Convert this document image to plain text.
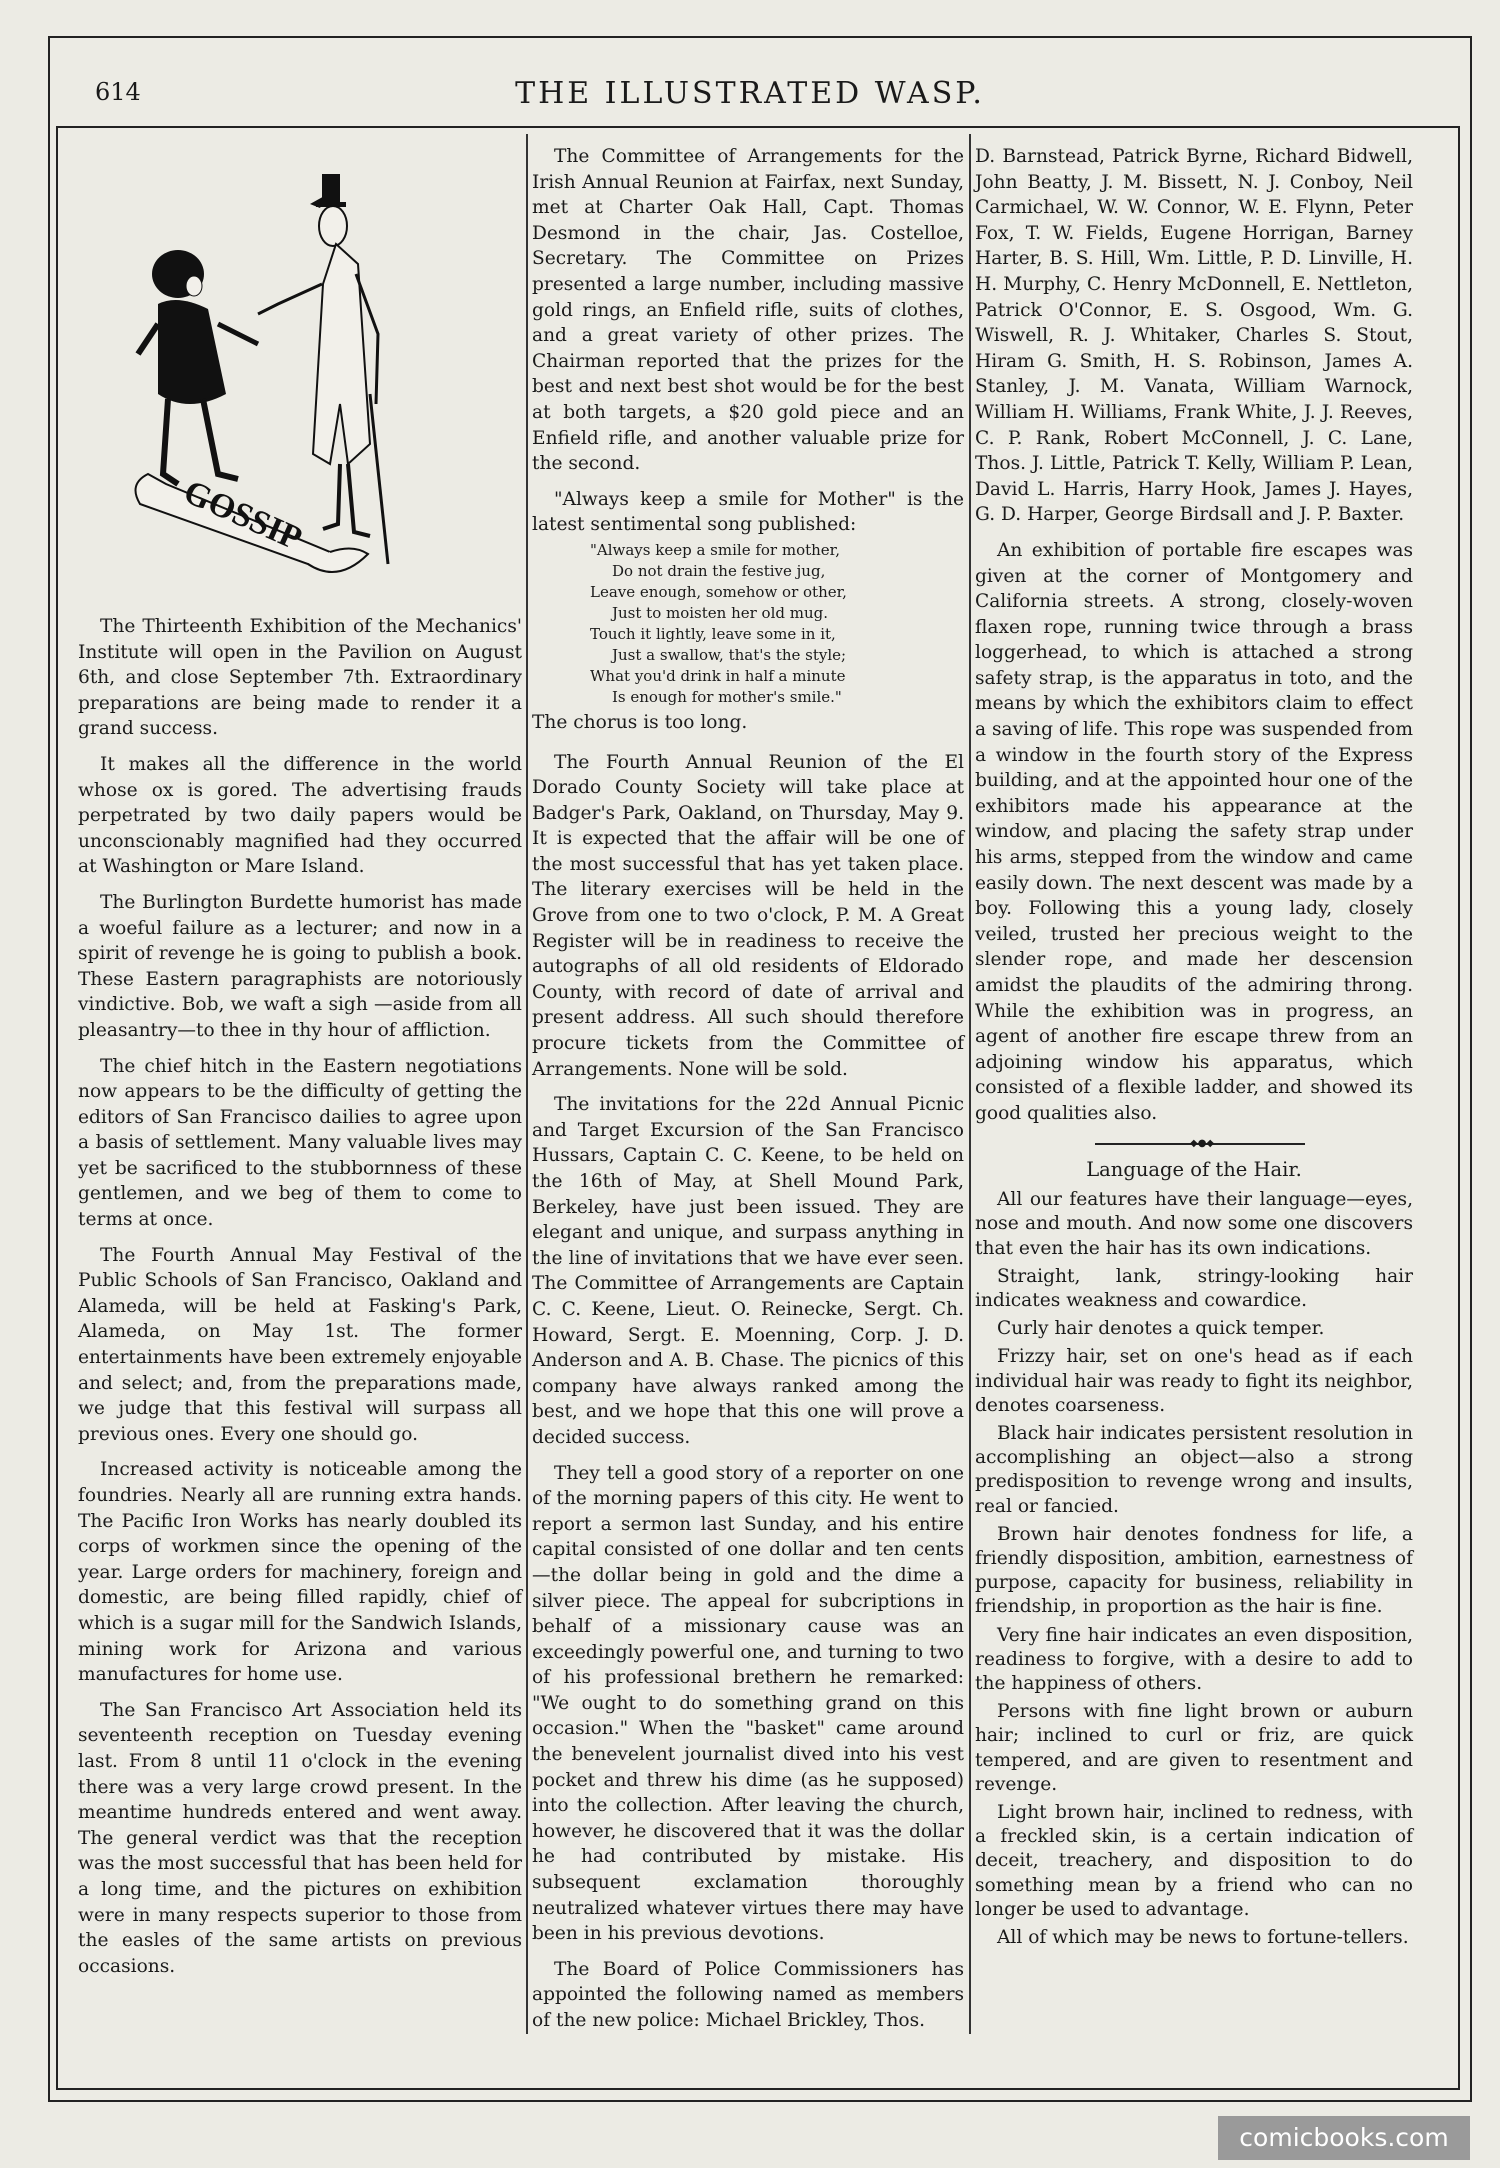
614	THE ILLUSTRATED WASP.
GOSSIP

The Thirteenth Exhibition of the Mechanics' Institute will open in the Pavilion on August 6th, and close September 7th. Extraordinary preparations are being made to render it a grand success.

It makes all the difference in the world whose ox is gored. The advertising frauds perpetrated by two daily papers would be unconscionably magnified had they occurred at Washington or Mare Island.

The Burlington Burdette humorist has made a woeful failure as a lecturer; and now in a spirit of revenge he is going to publish a book. These Eastern paragraphists are notoriously vindictive. Bob, we waft a sigh —aside from all pleasantry—to thee in thy hour of affliction.

The chief hitch in the Eastern negotiations now appears to be the difficulty of getting the editors of San Francisco dailies to agree upon a basis of settlement. Many valuable lives may yet be sacrificed to the stubbornness of these gentlemen, and we beg of them to come to terms at once.

The Fourth Annual May Festival of the Public Schools of San Francisco, Oakland and Alameda, will be held at Fasking's Park, Alameda, on May 1st. The former entertainments have been extremely enjoyable and select; and, from the preparations made, we judge that this festival will surpass all previous ones. Every one should go.

Increased activity is noticeable among the foundries. Nearly all are running extra hands. The Pacific Iron Works has nearly doubled its corps of workmen since the opening of the year. Large orders for machinery, foreign and domestic, are being filled rapidly, chief of which is a sugar mill for the Sandwich Islands, mining work for Arizona and various manufactures for home use.

The San Francisco Art Association held its seventeenth reception on Tuesday evening last. From 8 until 11 o'clock in the evening there was a very large crowd present. In the meantime hundreds entered and went away. The general verdict was that the reception was the most successful that has been held for a long time, and the pictures on exhibition were in many respects superior to those from the easles of the same artists on previous occasions.

The Committee of Arrangements for the Irish Annual Reunion at Fairfax, next Sunday, met at Charter Oak Hall, Capt. Thomas Desmond in the chair, Jas. Costelloe, Secretary. The Committee on Prizes presented a large number, including massive gold rings, an Enfield rifle, suits of clothes, and a great variety of other prizes. The Chairman reported that the prizes for the best and next best shot would be for the best at both targets, a $20 gold piece and an Enfield rifle, and another valuable prize for the second.

"Always keep a smile for Mother" is the latest sentimental song published:

"Always keep a smile for mother,
Do not drain the festive jug,
Leave enough, somehow or other,
Just to moisten her old mug.
Touch it lightly, leave some in it,
Just a swallow, that's the style;
What you'd drink in half a minute
Is enough for mother's smile."

The chorus is too long.

The Fourth Annual Reunion of the El Dorado County Society will take place at Badger's Park, Oakland, on Thursday, May 9. It is expected that the affair will be one of the most successful that has yet taken place. The literary exercises will be held in the Grove from one to two o'clock, P. M. A Great Register will be in readiness to receive the autographs of all old residents of Eldorado County, with record of date of arrival and present address. All such should therefore procure tickets from the Committee of Arrangements. None will be sold.

The invitations for the 22d Annual Picnic and Target Excursion of the San Francisco Hussars, Captain C. C. Keene, to be held on the 16th of May, at Shell Mound Park, Berkeley, have just been issued. They are elegant and unique, and surpass anything in the line of invitations that we have ever seen. The Committee of Arrangements are Captain C. C. Keene, Lieut. O. Reinecke, Sergt. Ch. Howard, Sergt. E. Moenning, Corp. J. D. Anderson and A. B. Chase. The picnics of this company have always ranked among the best, and we hope that this one will prove a decided success.

They tell a good story of a reporter on one of the morning papers of this city. He went to report a sermon last Sunday, and his entire capital consisted of one dollar and ten cents—the dollar being in gold and the dime a silver piece. The appeal for subcriptions in behalf of a missionary cause was an exceedingly powerful one, and turning to two of his professional brethern he remarked: "We ought to do something grand on this occasion." When the "basket" came around the benevelent journalist dived into his vest pocket and threw his dime (as he supposed) into the collection. After leaving the church, however, he discovered that it was the dollar he had contributed by mistake. His subsequent exclamation thoroughly neutralized whatever virtues there may have been in his previous devotions.

The Board of Police Commissioners has appointed the following named as members of the new police: Michael Brickley, Thos.

D. Barnstead, Patrick Byrne, Richard Bidwell, John Beatty, J. M. Bissett, N. J. Conboy, Neil Carmichael, W. W. Connor, W. E. Flynn, Peter Fox, T. W. Fields, Eugene Horrigan, Barney Harter, B. S. Hill, Wm. Little, P. D. Linville, H. H. Murphy, C. Henry McDonnell, E. Nettleton, Patrick O'Connor, E. S. Osgood, Wm. G. Wiswell, R. J. Whitaker, Charles S. Stout, Hiram G. Smith, H. S. Robinson, James A. Stanley, J. M. Vanata, William Warnock, William H. Williams, Frank White, J. J. Reeves, C. P. Rank, Robert McConnell, J. C. Lane, Thos. J. Little, Patrick T. Kelly, William P. Lean, David L. Harris, Harry Hook, James J. Hayes, G. D. Harper, George Birdsall and J. P. Baxter.

An exhibition of portable fire escapes was given at the corner of Montgomery and California streets. A strong, closely-woven flaxen rope, running twice through a brass loggerhead, to which is attached a strong safety strap, is the apparatus in toto, and the means by which the exhibitors claim to effect a saving of life. This rope was suspended from a window in the fourth story of the Express building, and at the appointed hour one of the exhibitors made his appearance at the window, and placing the safety strap under his arms, stepped from the window and came easily down. The next descent was made by a boy. Following this a young lady, closely veiled, trusted her precious weight to the slender rope, and made her descension amidst the plaudits of the admiring throng. While the exhibition was in progress, an agent of another fire escape threw from an adjoining window his apparatus, which consisted of a flexible ladder, and showed its good qualities also.

◆●◆

Language of the Hair.

All our features have their language—eyes, nose and mouth. And now some one discovers that even the hair has its own indications.

Straight, lank, stringy-looking hair indicates weakness and cowardice.

Curly hair denotes a quick temper.

Frizzy hair, set on one's head as if each individual hair was ready to fight its neighbor, denotes coarseness.

Black hair indicates persistent resolution in accomplishing an object—also a strong predisposition to revenge wrong and insults, real or fancied.

Brown hair denotes fondness for life, a friendly disposition, ambition, earnestness of purpose, capacity for business, reliability in friendship, in proportion as the hair is fine.

Very fine hair indicates an even disposition, readiness to forgive, with a desire to add to the happiness of others.

Persons with fine light brown or auburn hair; inclined to curl or friz, are quick tempered, and are given to resentment and revenge.

Light brown hair, inclined to redness, with a freckled skin, is a certain indication of deceit, treachery, and disposition to do something mean by a friend who can no longer be used to advantage.

All of which may be news to fortune-tellers.

comicbooks.com
